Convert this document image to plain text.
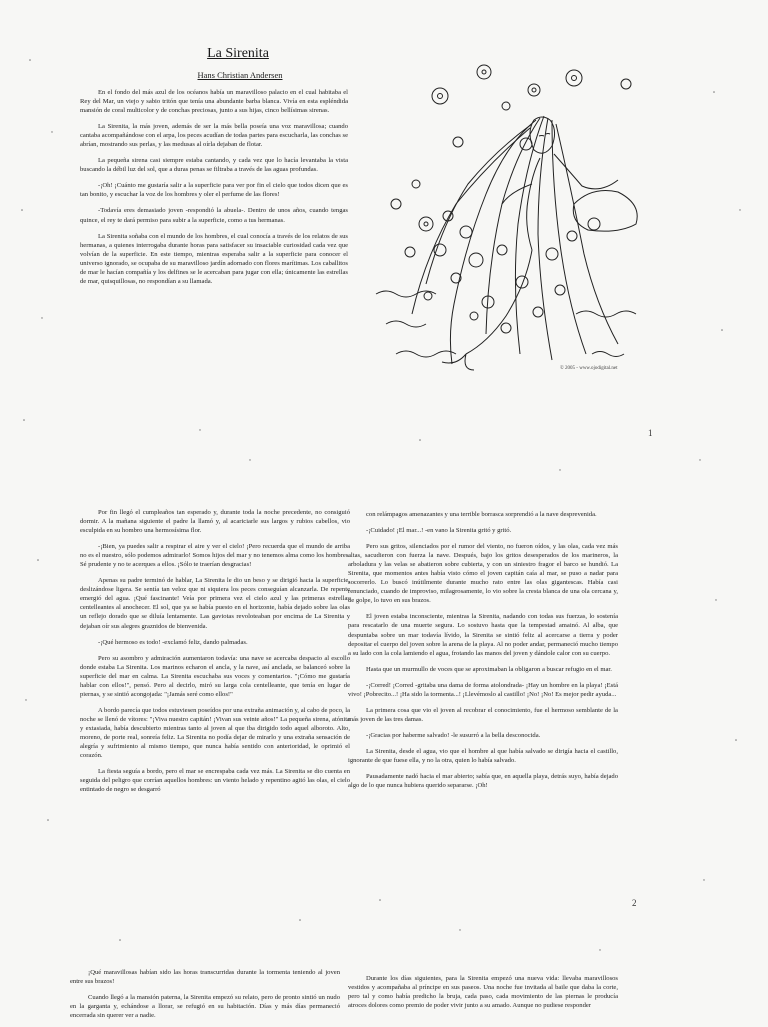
La Sirenita
Hans Christian Andersen

En el fondo del más azul de los océanos había un maravilloso palacio en el cual habitaba el Rey del Mar, un viejo y sabio tritón que tenía una abundante barba blanca. Vivía en esta espléndida mansión de coral multicolor y de conchas preciosas, junto a sus hijas, cinco bellísimas sirenas.

La Sirenita, la más joven, además de ser la más bella poseía una voz maravillosa; cuando cantaba acompañándose con el arpa, los peces acudían de todas partes para escucharla, las conchas se abrían, mostrando sus perlas, y las medusas al oírla dejaban de flotar.

La pequeña sirena casi siempre estaba cantando, y cada vez que lo hacía levantaba la vista buscando la débil luz del sol, que a duras penas se filtraba a través de las aguas profundas.

-¡Oh! ¡Cuánto me gustaría salir a la superficie para ver por fin el cielo que todos dicen que es tan bonito, y escuchar la voz de los hombres y oler el perfume de las flores!

-Todavía eres demasiado joven -respondió la abuela-. Dentro de unos años, cuando tengas quince, el rey te dará permiso para subir a la superficie, como a tus hermanas.

La Sirenita soñaba con el mundo de los hombres, el cual conocía a través de los relatos de sus hermanas, a quienes interrogaba durante horas para satisfacer su insaciable curiosidad cada vez que volvían de la superficie. En este tiempo, mientras esperaba salir a la superficie para conocer el universo ignorado, se ocupaba de su maravilloso jardín adornado con flores marítimas. Los caballitos de mar le hacían compañía y los delfines se le acercaban para jugar con ella; únicamente las estrellas de mar, quisquillosas, no respondían a su llamada.

© 2005 - www.ojodigital.net

Por fin llegó el cumpleaños tan esperado y, durante toda la noche precedente, no consiguió dormir. A la mañana siguiente el padre la llamó y, al acariciarle sus largos y rubios cabellos, vio esculpida en su hombro una hermosísima flor.

-¡Bien, ya puedes salir a respirar el aire y ver el cielo! ¡Pero recuerda que el mundo de arriba no es el nuestro, sólo podemos admirarlo! Somos hijos del mar y no tenemos alma como los hombres. Sé prudente y no te acerques a ellos. ¡Sólo te traerían desgracias!

Apenas su padre terminó de hablar, La Sirenita le dio un beso y se dirigió hacia la superficie, deslizándose ligera. Se sentía tan veloz que ni siquiera los peces conseguían alcanzarla. De repente emergió del agua. ¡Qué fascinante! Veía por primera vez el cielo azul y las primeras estrellas centelleantes al anochecer. El sol, que ya se había puesto en el horizonte, había dejado sobre las olas un reflejo dorado que se diluía lentamente. Las gaviotas revoloteaban por encima de La Sirenita y dejaban oír sus alegres graznidos de bienvenida.

-¡Qué hermoso es todo! -exclamó feliz, dando palmadas.

Pero su asombro y admiración aumentaron todavía: una nave se acercaba despacio al escollo donde estaba La Sirenita. Los marinos echaron el ancla, y la nave, así anclada, se balanceó sobre la superficie del mar en calma. La Sirenita escuchaba sus voces y comentarios. "¡Cómo me gustaría hablar con ellos!", pensó. Pero al decirlo, miró su larga cola centelleante, que tenía en lugar de piernas, y se sintió acongojada: "¡Jamás seré como ellos!"

A bordo parecía que todos estuviesen poseídos por una extraña animación y, al cabo de poco, la noche se llenó de vítores: "¡Viva nuestro capitán! ¡Vivan sus veinte años!" La pequeña sirena, atónita y extasiada, había descubierto mientras tanto al joven al que iba dirigido todo aquel alboroto. Alto, moreno, de porte real, sonreía feliz. La Sirenita no podía dejar de mirarlo y una extraña sensación de alegría y sufrimiento al mismo tiempo, que nunca había sentido con anterioridad, le oprimió el corazón.

La fiesta seguía a bordo, pero el mar se encrespaba cada vez más. La Sirenita se dio cuenta en seguida del peligro que corrían aquellos hombres: un viento helado y repentino agitó las olas, el cielo entintado de negro se desgarró

con relámpagos amenazantes y una terrible borrasca sorprendió a la nave desprevenida.

-¡Cuidado! ¡El mar...! -en vano la Sirenita gritó y gritó.

Pero sus gritos, silenciados por el rumor del viento, no fueron oídos, y las olas, cada vez más altas, sacudieron con fuerza la nave. Después, bajo los gritos desesperados de los marineros, la arboladura y las velas se abatieron sobre cubierta, y con un siniestro fragor el barco se hundió. La Sirenita, que momentos antes había visto cómo el joven capitán caía al mar, se puso a nadar para socorrerlo. Lo buscó inútilmente durante mucho rato entre las olas gigantescas. Había casi renunciado, cuando de improviso, milagrosamente, lo vio sobre la cresta blanca de una ola cercana y, de golpe, lo tuvo en sus brazos.

El joven estaba inconsciente, mientras la Sirenita, nadando con todas sus fuerzas, lo sostenía para rescatarlo de una muerte segura. Lo sostuvo hasta que la tempestad amainó. Al alba, que despuntaba sobre un mar todavía lívido, la Sirenita se sintió feliz al acercarse a tierra y poder depositar el cuerpo del joven sobre la arena de la playa. Al no poder andar, permaneció mucho tiempo a su lado con la cola lamiendo el agua, frotando las manos del joven y dándole calor con su cuerpo.

Hasta que un murmullo de voces que se aproximaban la obligaron a buscar refugio en el mar.

-¡Corred! ¡Corred -gritaba una dama de forma atolondrada- ¡Hay un hombre en la playa! ¡Está vivo! ¡Pobrecito...! ¡Ha sido la tormenta...! ¡Llevémoslo al castillo! ¡No! ¡No! Es mejor pedir ayuda...

La primera cosa que vio el joven al recobrar el conocimiento, fue el hermoso semblante de la más joven de las tres damas.

-¡Gracias por haberme salvado! -le susurró a la bella desconocida.

La Sirenita, desde el agua, vio que el hombre al que había salvado se dirigía hacia el castillo, ignorante de que fuese ella, y no la otra, quien lo había salvado.

Pausadamente nadó hacia el mar abierto; sabía que, en aquella playa, detrás suyo, había dejado algo de lo que nunca hubiera querido separarse. ¡Oh!

¡Qué maravillosas habían sido las horas transcurridas durante la tormenta teniendo al joven entre sus brazos!

Cuando llegó a la mansión paterna, la Sirenita empezó su relato, pero de pronto sintió un nudo en la garganta y, echándose a llorar, se refugió en su habitación. Días y más días permaneció encerrada sin querer ver a nadie.

Durante los días siguientes, para la Sirenita empezó una nueva vida: llevaba maravillosos vestidos y acompañaba al príncipe en sus paseos. Una noche fue invitada al baile que daba la corte, pero tal y como había predicho la bruja, cada paso, cada movimiento de las piernas le producía atroces dolores como premio de poder vivir junto a su amado. Aunque no pudiese responder

1
2
